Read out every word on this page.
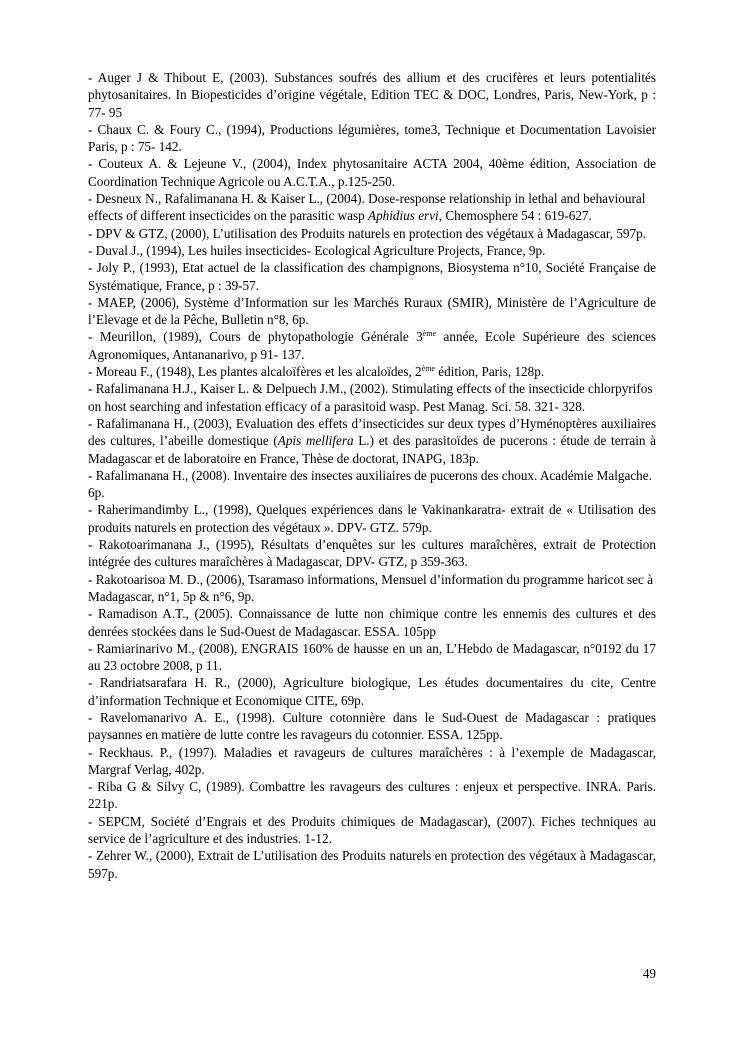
- Auger J & Thibout E, (2003). Substances soufrés des allium et des crucifères et leurs potentialités phytosanitaires. In Biopesticides d’origine végétale, Edition TEC & DOC, Londres, Paris, New-York, p : 77- 95

- Chaux C. & Foury C., (1994), Productions légumières, tome3, Technique et Documentation Lavoisier Paris, p : 75- 142.

- Couteux A. & Lejeune V., (2004), Index phytosanitaire ACTA 2004, 40ème édition, Association de Coordination Technique Agricole ou A.C.T.A., p.125-250.

- Desneux N., Rafalimanana H. & Kaiser L., (2004). Dose-response relationship in lethal and behavioural effects of different insecticides on the parasitic wasp Aphidius ervi, Chemosphere 54 : 619-627.

- DPV & GTZ, (2000), L’utilisation des Produits naturels en protection des végétaux à Madagascar, 597p.

- Duval J., (1994), Les huiles insecticides- Ecological Agriculture Projects, France, 9p.

- Joly P., (1993), Etat actuel de la classification des champignons, Biosystema n°10, Société Française de Systématique, France, p : 39-57.

- MAEP, (2006), Système d’Information sur les Marchés Ruraux (SMIR), Ministère de l’Agriculture de l’Elevage et de la Pêche, Bulletin n°8, 6p.

- Meurillon, (1989), Cours de phytopathologie Générale 3ème année, Ecole Supérieure des sciences Agronomiques, Antananarivo, p 91- 137.

- Moreau F., (1948), Les plantes alcaloïfères et les alcaloïdes, 2ème édition, Paris, 128p.

- Rafalimanana H.J., Kaiser L. & Delpuech J.M., (2002). Stimulating effects of the insecticide chlorpyrifos on host searching and infestation efficacy of a parasitoid wasp. Pest Manag. Sci. 58. 321- 328.

- Rafalimanana H., (2003), Evaluation des effets d’insecticides sur deux types d’Hyménoptères auxiliaires des cultures, l’abeille domestique (Apis mellifera L.) et des parasitoïdes de pucerons : étude de terrain à Madagascar et de laboratoire en France, Thèse de doctorat, INAPG, 183p.

- Rafalimanana H., (2008). Inventaire des insectes auxiliaires de pucerons des choux. Académie Malgache. 6p.

- Raherimandimby L., (1998), Quelques expériences dans le Vakinankaratra- extrait de « Utilisation des produits naturels en protection des végétaux ». DPV- GTZ. 579p.

- Rakotoarimanana J., (1995), Résultats d’enquêtes sur les cultures maraîchères, extrait de Protection intégrée des cultures maraîchères à Madagascar, DPV- GTZ, p 359-363.

- Rakotoarisoa M. D., (2006), Tsaramaso informations, Mensuel d’information du programme haricot sec à Madagascar, n°1, 5p & n°6, 9p.

- Ramadison A.T., (2005). Connaissance de lutte non chimique contre les ennemis des cultures et des denrées stockées dans le Sud-Ouest de Madagascar. ESSA. 105pp

- Ramiarinarivo M., (2008), ENGRAIS 160% de hausse en un an, L’Hebdo de Madagascar, n°0192 du 17 au 23 octobre 2008, p 11.

- Randriatsarafara H. R., (2000), Agriculture biologique, Les études documentaires du cite, Centre d’information Technique et Economique CITE, 69p.

- Ravelomanarivo A. E., (1998). Culture cotonnière dans le Sud-Ouest de Madagascar : pratiques paysannes en matière de lutte contre les ravageurs du cotonnier. ESSA. 125pp.

- Reckhaus. P., (1997). Maladies et ravageurs de cultures maraîchères : à l’exemple de Madagascar, Margraf Verlag, 402p.

- Riba G & Silvy C, (1989). Combattre les ravageurs des cultures : enjeux et perspective. INRA. Paris. 221p.

- SEPCM, Société d’Engrais et des Produits chimiques de Madagascar), (2007). Fiches techniques au service de l’agriculture et des industries. 1-12.

- Zehrer W., (2000), Extrait de L’utilisation des Produits naturels en protection des végétaux à Madagascar, 597p.

49
